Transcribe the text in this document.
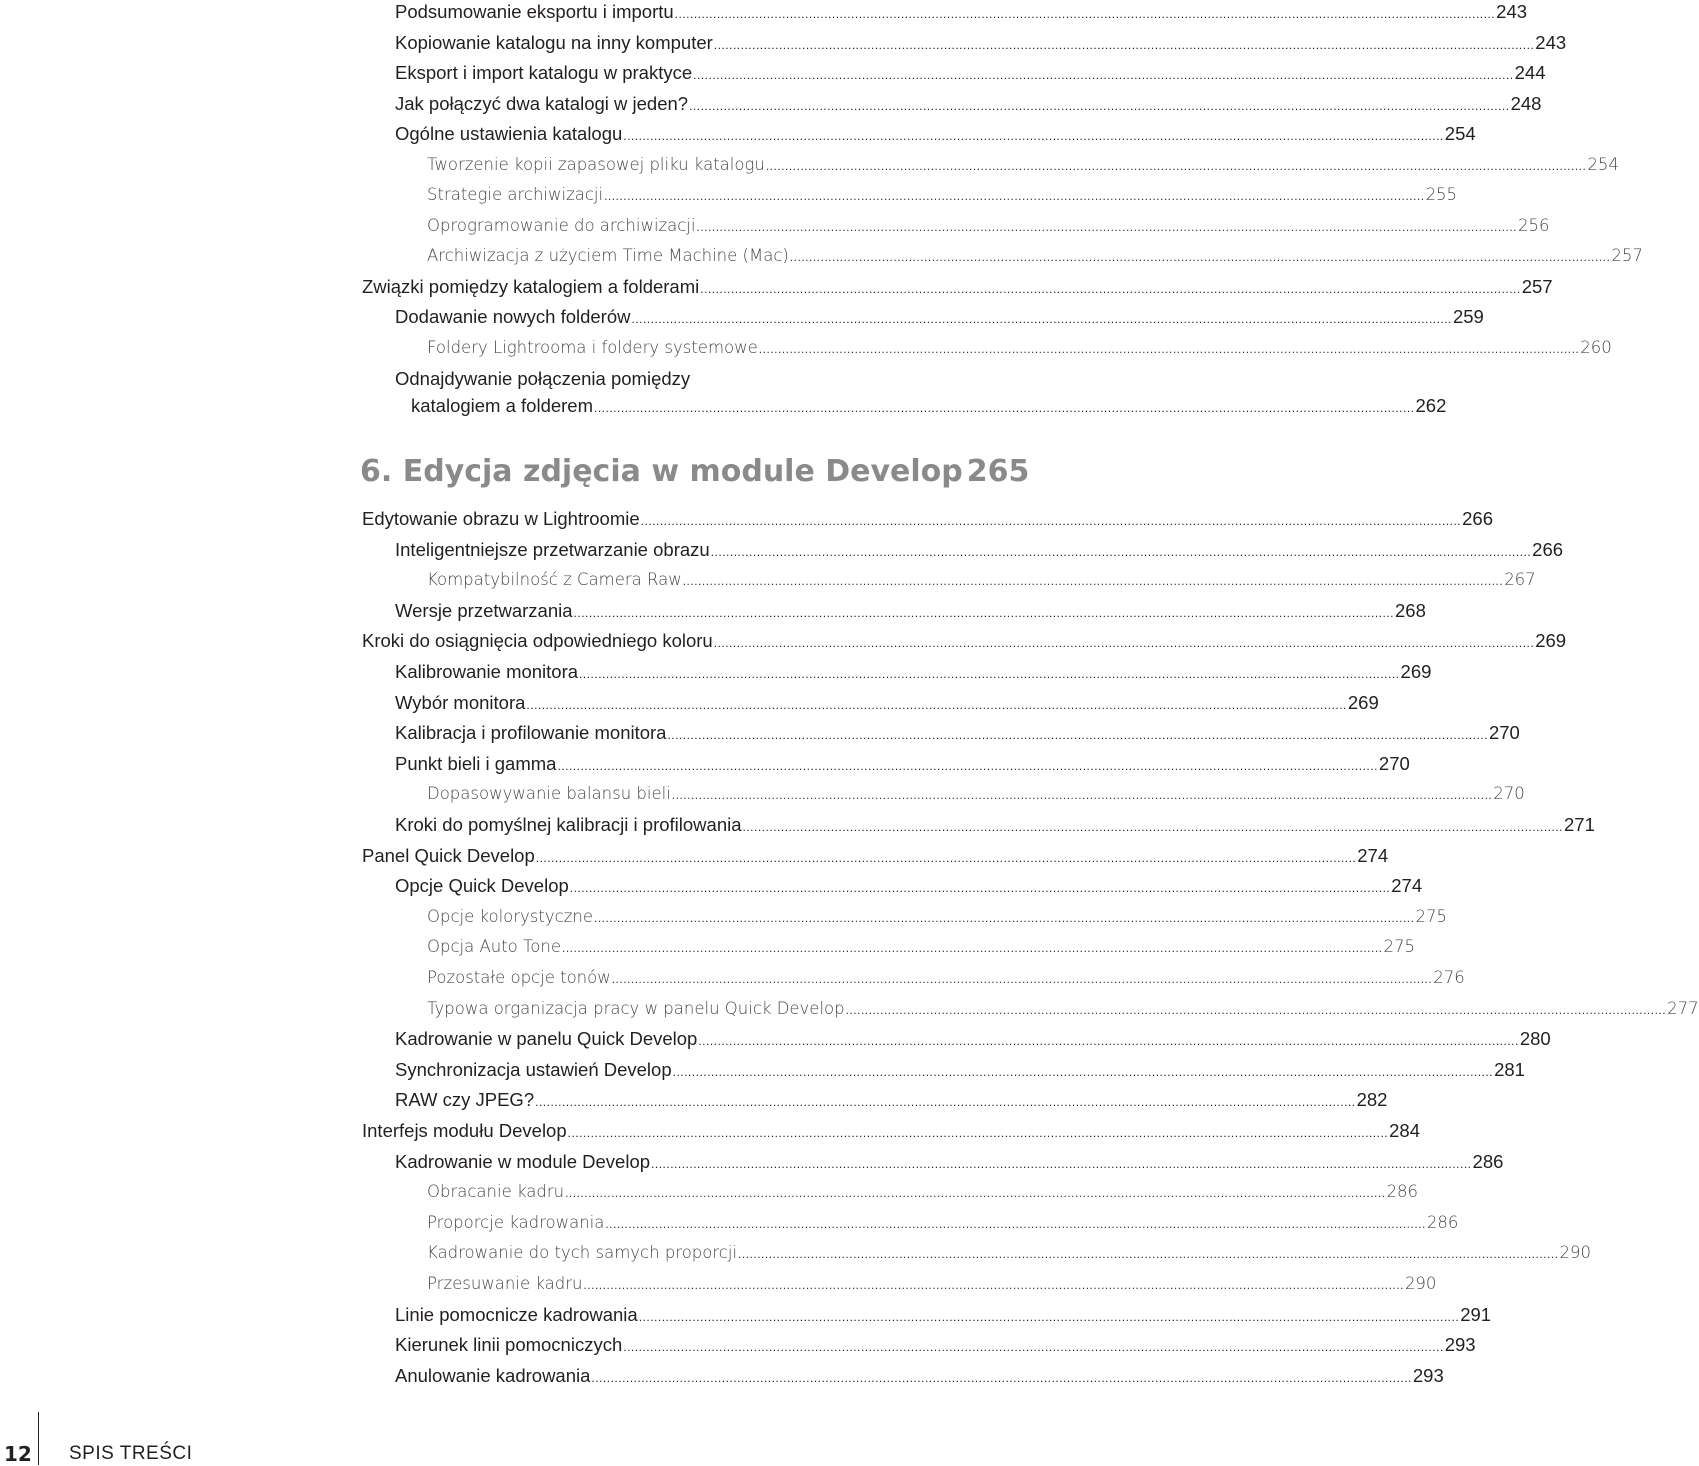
Podsumowanie eksportu i importu .....	243
Kopiowanie katalogu na inny komputer .....	243
Eksport i import katalogu w praktyce .....	244
Jak połączyć dwa katalogi w jeden? .....	248
Ogólne ustawienia katalogu .....	254
Tworzenie kopii zapasowej pliku katalogu .....	254
Strategie archiwizacji .....	255
Oprogramowanie do archiwizacji .....	256
Archiwizacja z użyciem Time Machine (Mac) .....	257
Związki pomiędzy katalogiem a folderami .....	257
Dodawanie nowych folderów .....	259
Foldery Lightrooma i foldery systemowe .....	260
Odnajdywanie połączenia pomiędzy
katalogiem a folderem .....	262
6. Edycja zdjęcia w module Develop 265
Edytowanie obrazu w Lightroomie .....	266
Inteligentniejsze przetwarzanie obrazu .....	266
Kompatybilność z Camera Raw .....	267
Wersje przetwarzania .....	268
Kroki do osiągnięcia odpowiedniego koloru .....	269
Kalibrowanie monitora .....	269
Wybór monitora .....	269
Kalibracja i profilowanie monitora .....	270
Punkt bieli i gamma .....	270
Dopasowywanie balansu bieli .....	270
Kroki do pomyślnej kalibracji i profilowania .....	271
Panel Quick Develop .....	274
Opcje Quick Develop .....	274
Opcje kolorystyczne .....	275
Opcja Auto Tone .....	275
Pozostałe opcje tonów .....	276
Typowa organizacja pracy w panelu Quick Develop .....	277
Kadrowanie w panelu Quick Develop .....	280
Synchronizacja ustawień Develop .....	281
RAW czy JPEG? .....	282
Interfejs modułu Develop .....	284
Kadrowanie w module Develop .....	286
Obracanie kadru .....	286
Proporcje kadrowania .....	286
Kadrowanie do tych samych proporcji .....	290
Przesuwanie kadru .....	290
Linie pomocnicze kadrowania .....	291
Kierunek linii pomocniczych .....	293
Anulowanie kadrowania .....	293
12 SPIS TREŚCI
